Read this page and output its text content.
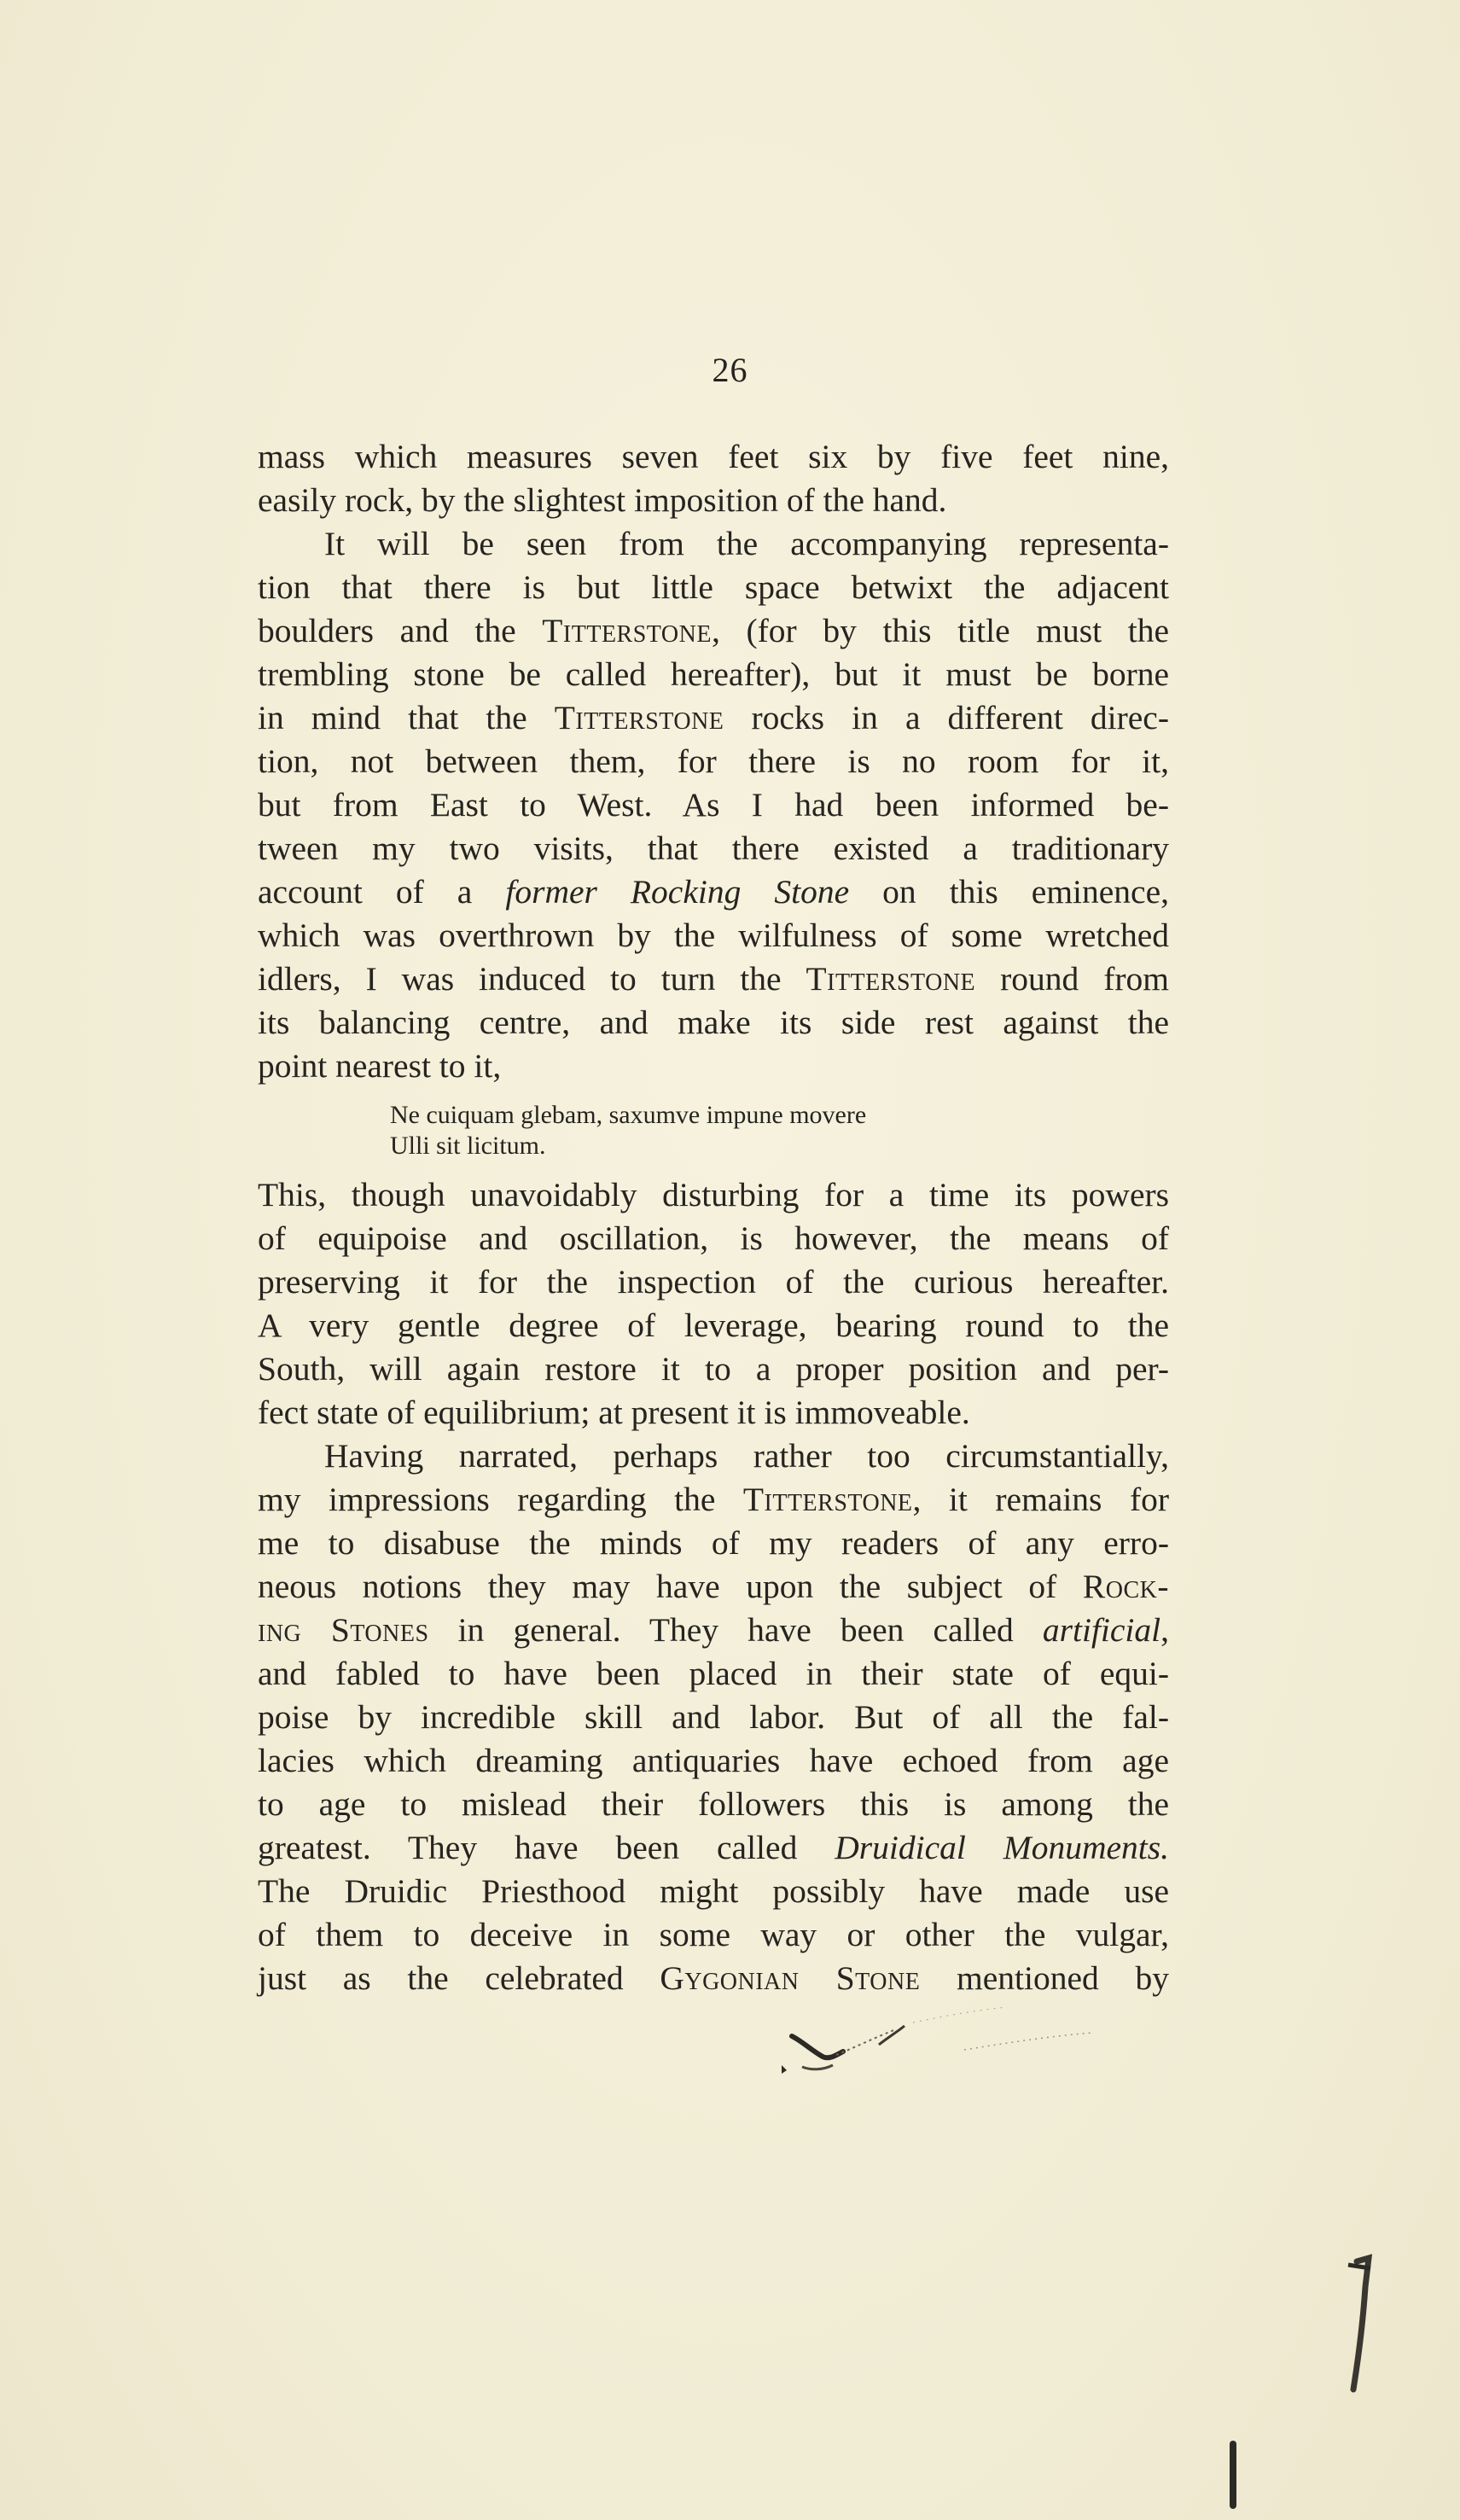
26
mass which measures seven feet six by five feet nine,
easily rock, by the slightest imposition of the hand.
It will be seen from the accompanying representa-
tion that there is but little space betwixt the adjacent
boulders and the Titterstone, (for by this title must the
trembling stone be called hereafter), but it must be borne
in mind that the Titterstone rocks in a different direc-
tion, not between them, for there is no room for it,
but from East to West. As I had been informed be-
tween my two visits, that there existed a traditionary
account of a former Rocking Stone on this eminence,
which was overthrown by the wilfulness of some wretched
idlers, I was induced to turn the Titterstone round from
its balancing centre, and make its side rest against the
point nearest to it,
Ne cuiquam glebam, saxumve impune movere
Ulli sit licitum.
This, though unavoidably disturbing for a time its powers
of equipoise and oscillation, is however, the means of
preserving it for the inspection of the curious hereafter.
A very gentle degree of leverage, bearing round to the
South, will again restore it to a proper position and per-
fect state of equilibrium; at present it is immoveable.
Having narrated, perhaps rather too circumstantially,
my impressions regarding the Titterstone, it remains for
me to disabuse the minds of my readers of any erro-
neous notions they may have upon the subject of Rock-
ing Stones in general. They have been called artificial,
and fabled to have been placed in their state of equi-
poise by incredible skill and labor. But of all the fal-
lacies which dreaming antiquaries have echoed from age
to age to mislead their followers this is among the
greatest. They have been called Druidical Monuments.
The Druidic Priesthood might possibly have made use
of them to deceive in some way or other the vulgar,
just as the celebrated Gygonian Stone mentioned by
